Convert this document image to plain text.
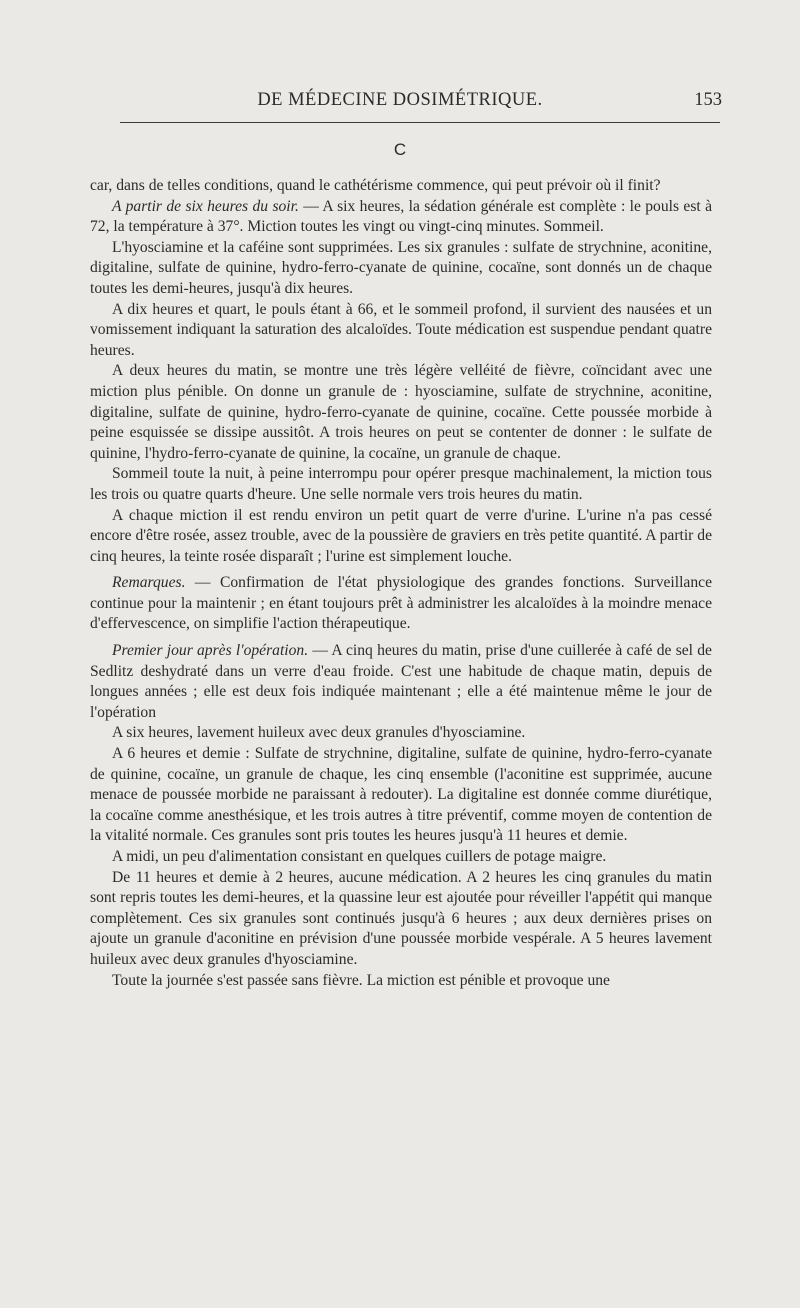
DE MÉDECINE DOSIMÉTRIQUE.	153
C

car, dans de telles conditions, quand le cathétérisme commence, qui peut prévoir où il finit?

A partir de six heures du soir. — A six heures, la sédation générale est complète : le pouls est à 72, la température à 37°. Miction toutes les vingt ou vingt-cinq minutes. Sommeil.

L'hyosciamine et la caféine sont supprimées. Les six granules : sulfate de strychnine, aconitine, digitaline, sulfate de quinine, hydro-ferro-cyanate de quinine, cocaïne, sont donnés un de chaque toutes les demi-heures, jusqu'à dix heures.

A dix heures et quart, le pouls étant à 66, et le sommeil profond, il survient des nausées et un vomissement indiquant la saturation des alcaloïdes. Toute médication est suspendue pendant quatre heures.

A deux heures du matin, se montre une très légère velléité de fièvre, coïncidant avec une miction plus pénible. On donne un granule de : hyosciamine, sulfate de strychnine, aconitine, digitaline, sulfate de quinine, hydro-ferro-cyanate de quinine, cocaïne. Cette poussée morbide à peine esquissée se dissipe aussitôt. A trois heures on peut se contenter de donner : le sulfate de quinine, l'hydro-ferro-cyanate de quinine, la cocaïne, un granule de chaque.

Sommeil toute la nuit, à peine interrompu pour opérer presque machinalement, la miction tous les trois ou quatre quarts d'heure. Une selle normale vers trois heures du matin.

A chaque miction il est rendu environ un petit quart de verre d'urine. L'urine n'a pas cessé encore d'être rosée, assez trouble, avec de la poussière de graviers en très petite quantité. A partir de cinq heures, la teinte rosée disparaît ; l'urine est simplement louche.

Remarques. — Confirmation de l'état physiologique des grandes fonctions. Surveillance continue pour la maintenir ; en étant toujours prêt à administrer les alcaloïdes à la moindre menace d'effervescence, on simplifie l'action thérapeutique.

Premier jour après l'opération. — A cinq heures du matin, prise d'une cuillerée à café de sel de Sedlitz deshydraté dans un verre d'eau froide. C'est une habitude de chaque matin, depuis de longues années ; elle est deux fois indiquée maintenant ; elle a été maintenue même le jour de l'opération

A six heures, lavement huileux avec deux granules d'hyosciamine.

A 6 heures et demie : Sulfate de strychnine, digitaline, sulfate de quinine, hydro-ferro-cyanate de quinine, cocaïne, un granule de chaque, les cinq ensemble (l'aconitine est supprimée, aucune menace de poussée morbide ne paraissant à redouter). La digitaline est donnée comme diurétique, la cocaïne comme anesthésique, et les trois autres à titre préventif, comme moyen de contention de la vitalité normale. Ces granules sont pris toutes les heures jusqu'à 11 heures et demie.

A midi, un peu d'alimentation consistant en quelques cuillers de potage maigre.

De 11 heures et demie à 2 heures, aucune médication. A 2 heures les cinq granules du matin sont repris toutes les demi-heures, et la quassine leur est ajoutée pour réveiller l'appétit qui manque complètement. Ces six granules sont continués jusqu'à 6 heures ; aux deux dernières prises on ajoute un granule d'aconitine en prévision d'une poussée morbide vespérale. A 5 heures lavement huileux avec deux granules d'hyosciamine.

Toute la journée s'est passée sans fièvre. La miction est pénible et provoque une
